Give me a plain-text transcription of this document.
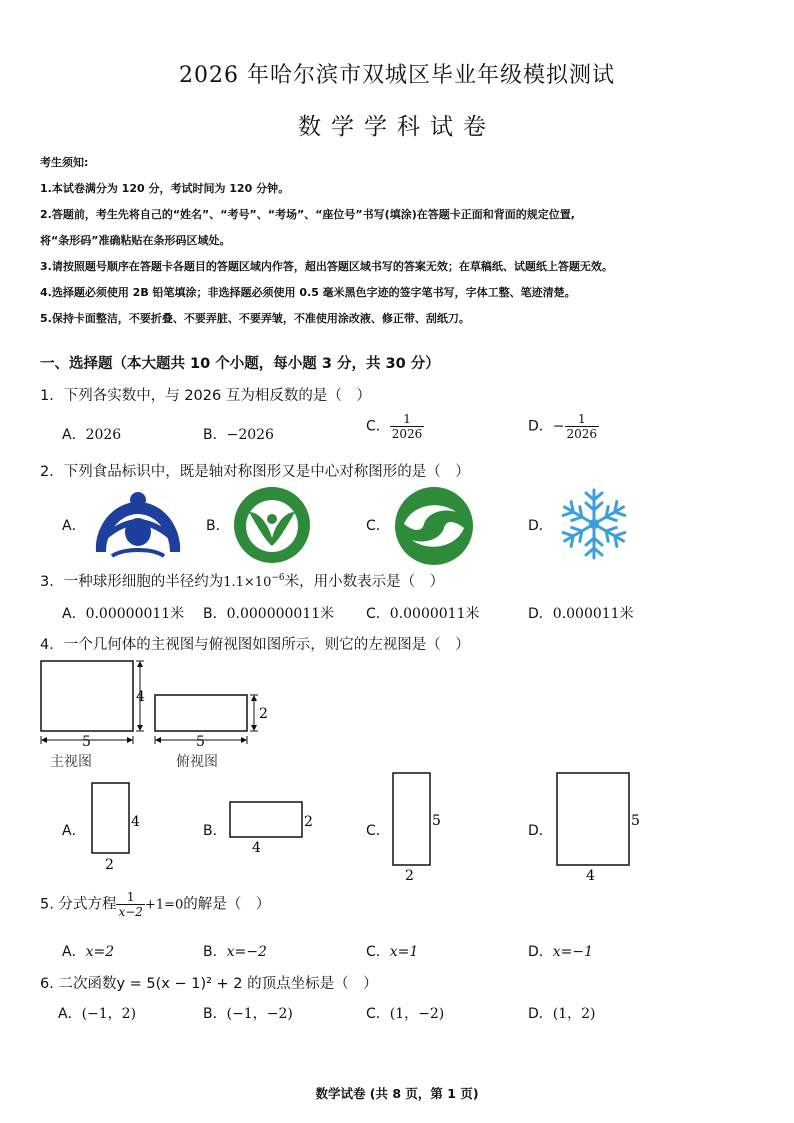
2026 年哈尔滨市双城区毕业年级模拟测试
数学学科试卷
考生须知:
1.本试卷满分为 120 分，考试时间为 120 分钟。
2.答题前，考生先将自己的“姓名”、“考号”、“考场”、“座位号”书写(填涂)在答题卡正面和背面的规定位置,
将“条形码”准确粘贴在条形码区域处。
3.请按照题号顺序在答题卡各题目的答题区域内作答，超出答题区域书写的答案无效；在草稿纸、试题纸上答题无效。
4.选择题必须使用 2B 铅笔填涂；非选择题必须使用 0.5 毫米黑色字迹的签字笔书写，字体工整、笔迹清楚。
5.保持卡面整洁，不要折叠、不要弄脏、不要弄皱，不准使用涂改液、修正带、刮纸刀。
一、选择题（本大题共 10 个小题，每小题 3 分，共 30 分）
1．下列各实数中，与 2026 互为相反数的是（　）
A．2026	B．−2026
C． $\frac{1}{2026}$	D．− $\frac{1}{2026}$
2．下列食品标识中，既是轴对称图形又是中心对称图形的是（　）
A．	B．	C．	D．
3．一种球形细胞的半径约为$1.1\times 10^{-6}$米，用小数表示是（　）
A．0.00000011米 B．0.000000011米 C．0.0000011米	D．0.000011米
4．一个几何体的主视图与俯视图如图所示，则它的左视图是（　）
4
5
主视图
2
5
俯视图
A．	B．	C．	D．
4
2
2
4
5
2
5
4
5. 分式方程 $\frac{1}{x-2} +1=0$的解是（　）
A．x=2	B．x=−2	C．x=1	D．x=−1
6. 二次函数y = 5(x − 1)² + 2 的顶点坐标是（　）
A．(−1，2)	B．(−1，−2)	C．(1，−2)	D．(1，2)
数学试卷 (共 8 页，第 1 页)
